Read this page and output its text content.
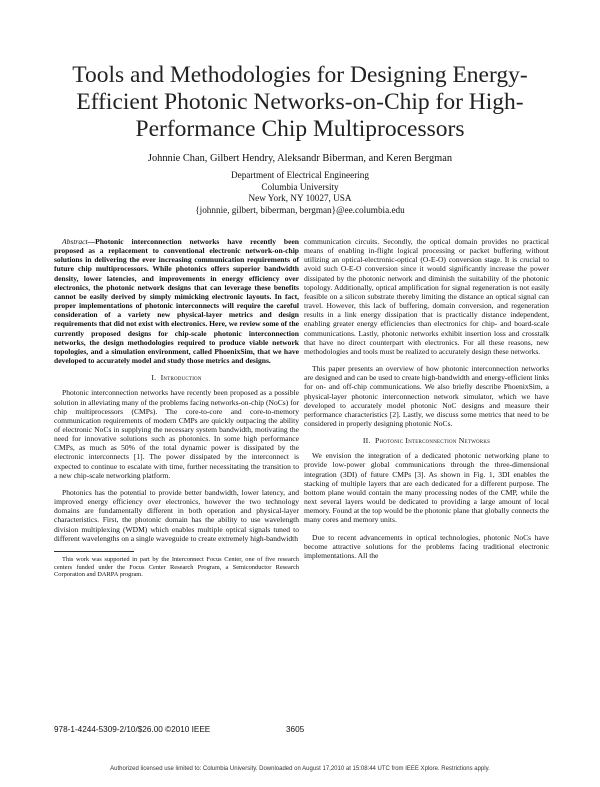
Tools and Methodologies for Designing Energy-Efficient Photonic Networks-on-Chip for High-Performance Chip Multiprocessors
Johnnie Chan, Gilbert Hendry, Aleksandr Biberman, and Keren Bergman
Department of Electrical Engineering
Columbia University
New York, NY 10027, USA
{johnnie, gilbert, biberman, bergman}@ee.columbia.edu

Abstract—Photonic interconnection networks have recently been proposed as a replacement to conventional electronic network-on-chip solutions in delivering the ever increasing communication requirements of future chip multiprocessors. While photonics offers superior bandwidth density, lower latencies, and improvements in energy efficiency over electronics, the photonic network designs that can leverage these benefits cannot be easily derived by simply mimicking electronic layouts. In fact, proper implementations of photonic interconnects will require the careful consideration of a variety new physical-layer metrics and design requirements that did not exist with electronics. Here, we review some of the currently proposed designs for chip-scale photonic interconnection networks, the design methodologies required to produce viable network topologies, and a simulation environment, called PhoenixSim, that we have developed to accurately model and study those metrics and designs.

I. Introduction

Photonic interconnection networks have recently been proposed as a possible solution in alleviating many of the problems facing networks-on-chip (NoCs) for chip multiprocessors (CMPs). The core-to-core and core-to-memory communication requirements of modern CMPs are quickly outpacing the ability of electronic NoCs in supplying the necessary system bandwidth, motivating the need for innovative solutions such as photonics. In some high performance CMPs, as much as 50% of the total dynamic power is dissipated by the electronic interconnects [1]. The power dissipated by the interconnect is expected to continue to escalate with time, further necessitating the transition to a new chip-scale networking platform.

Photonics has the potential to provide better bandwidth, lower latency, and improved energy efficiency over electronics, however the two technology domains are fundamentally different in both operation and physical-layer characteristics. First, the photonic domain has the ability to use wavelength division multiplexing (WDM) which enables multiple optical signals tuned to different wavelengths on a single waveguide to create extremely high-bandwidth

This work was supported in part by the Interconnect Focus Center, one of five research centers funded under the Focus Center Research Program, a Semiconductor Research Corporation and DARPA program.

communication circuits. Secondly, the optical domain provides no practical means of enabling in-flight logical processing or packet buffering without utilizing an optical-electronic-optical (O-E-O) conversion stage. It is crucial to avoid such O-E-O conversion since it would significantly increase the power dissipated by the photonic network and diminish the suitability of the photonic topology. Additionally, optical amplification for signal regeneration is not easily feasible on a silicon substrate thereby limiting the distance an optical signal can travel. However, this lack of buffering, domain conversion, and regeneration results in a link energy dissipation that is practically distance independent, enabling greater energy efficiencies than electronics for chip- and board-scale communications. Lastly, photonic networks exhibit insertion loss and crosstalk that have no direct counterpart with electronics. For all these reasons, new methodologies and tools must be realized to accurately design these networks.

This paper presents an overview of how photonic interconnection networks are designed and can be used to create high-bandwidth and energy-efficient links for on- and off-chip communications. We also briefly describe PhoenixSim, a physical-layer photonic interconnection network simulator, which we have developed to accurately model photonic NoC designs and measure their performance characteristics [2]. Lastly, we discuss some metrics that need to be considered in properly designing photonic NoCs.

II. Photonic Interconnection Networks

We envision the integration of a dedicated photonic networking plane to provide low-power global communications through the three-dimensional integration (3DI) of future CMPs [3]. As shown in Fig. 1, 3DI enables the stacking of multiple layers that are each dedicated for a different purpose. The bottom plane would contain the many processing nodes of the CMP, while the next several layers would be dedicated to providing a large amount of local memory. Found at the top would be the photonic plane that globally connects the many cores and memory units.

Due to recent advancements in optical technologies, photonic NoCs have become attractive solutions for the problems facing traditional electronic implementations. All the

978-1-4244-5309-2/10/$26.00 ©2010 IEEE	3605
Authorized licensed use limited to: Columbia University. Downloaded on August 17,2010 at 15:08:44 UTC from IEEE Xplore. Restrictions apply.
